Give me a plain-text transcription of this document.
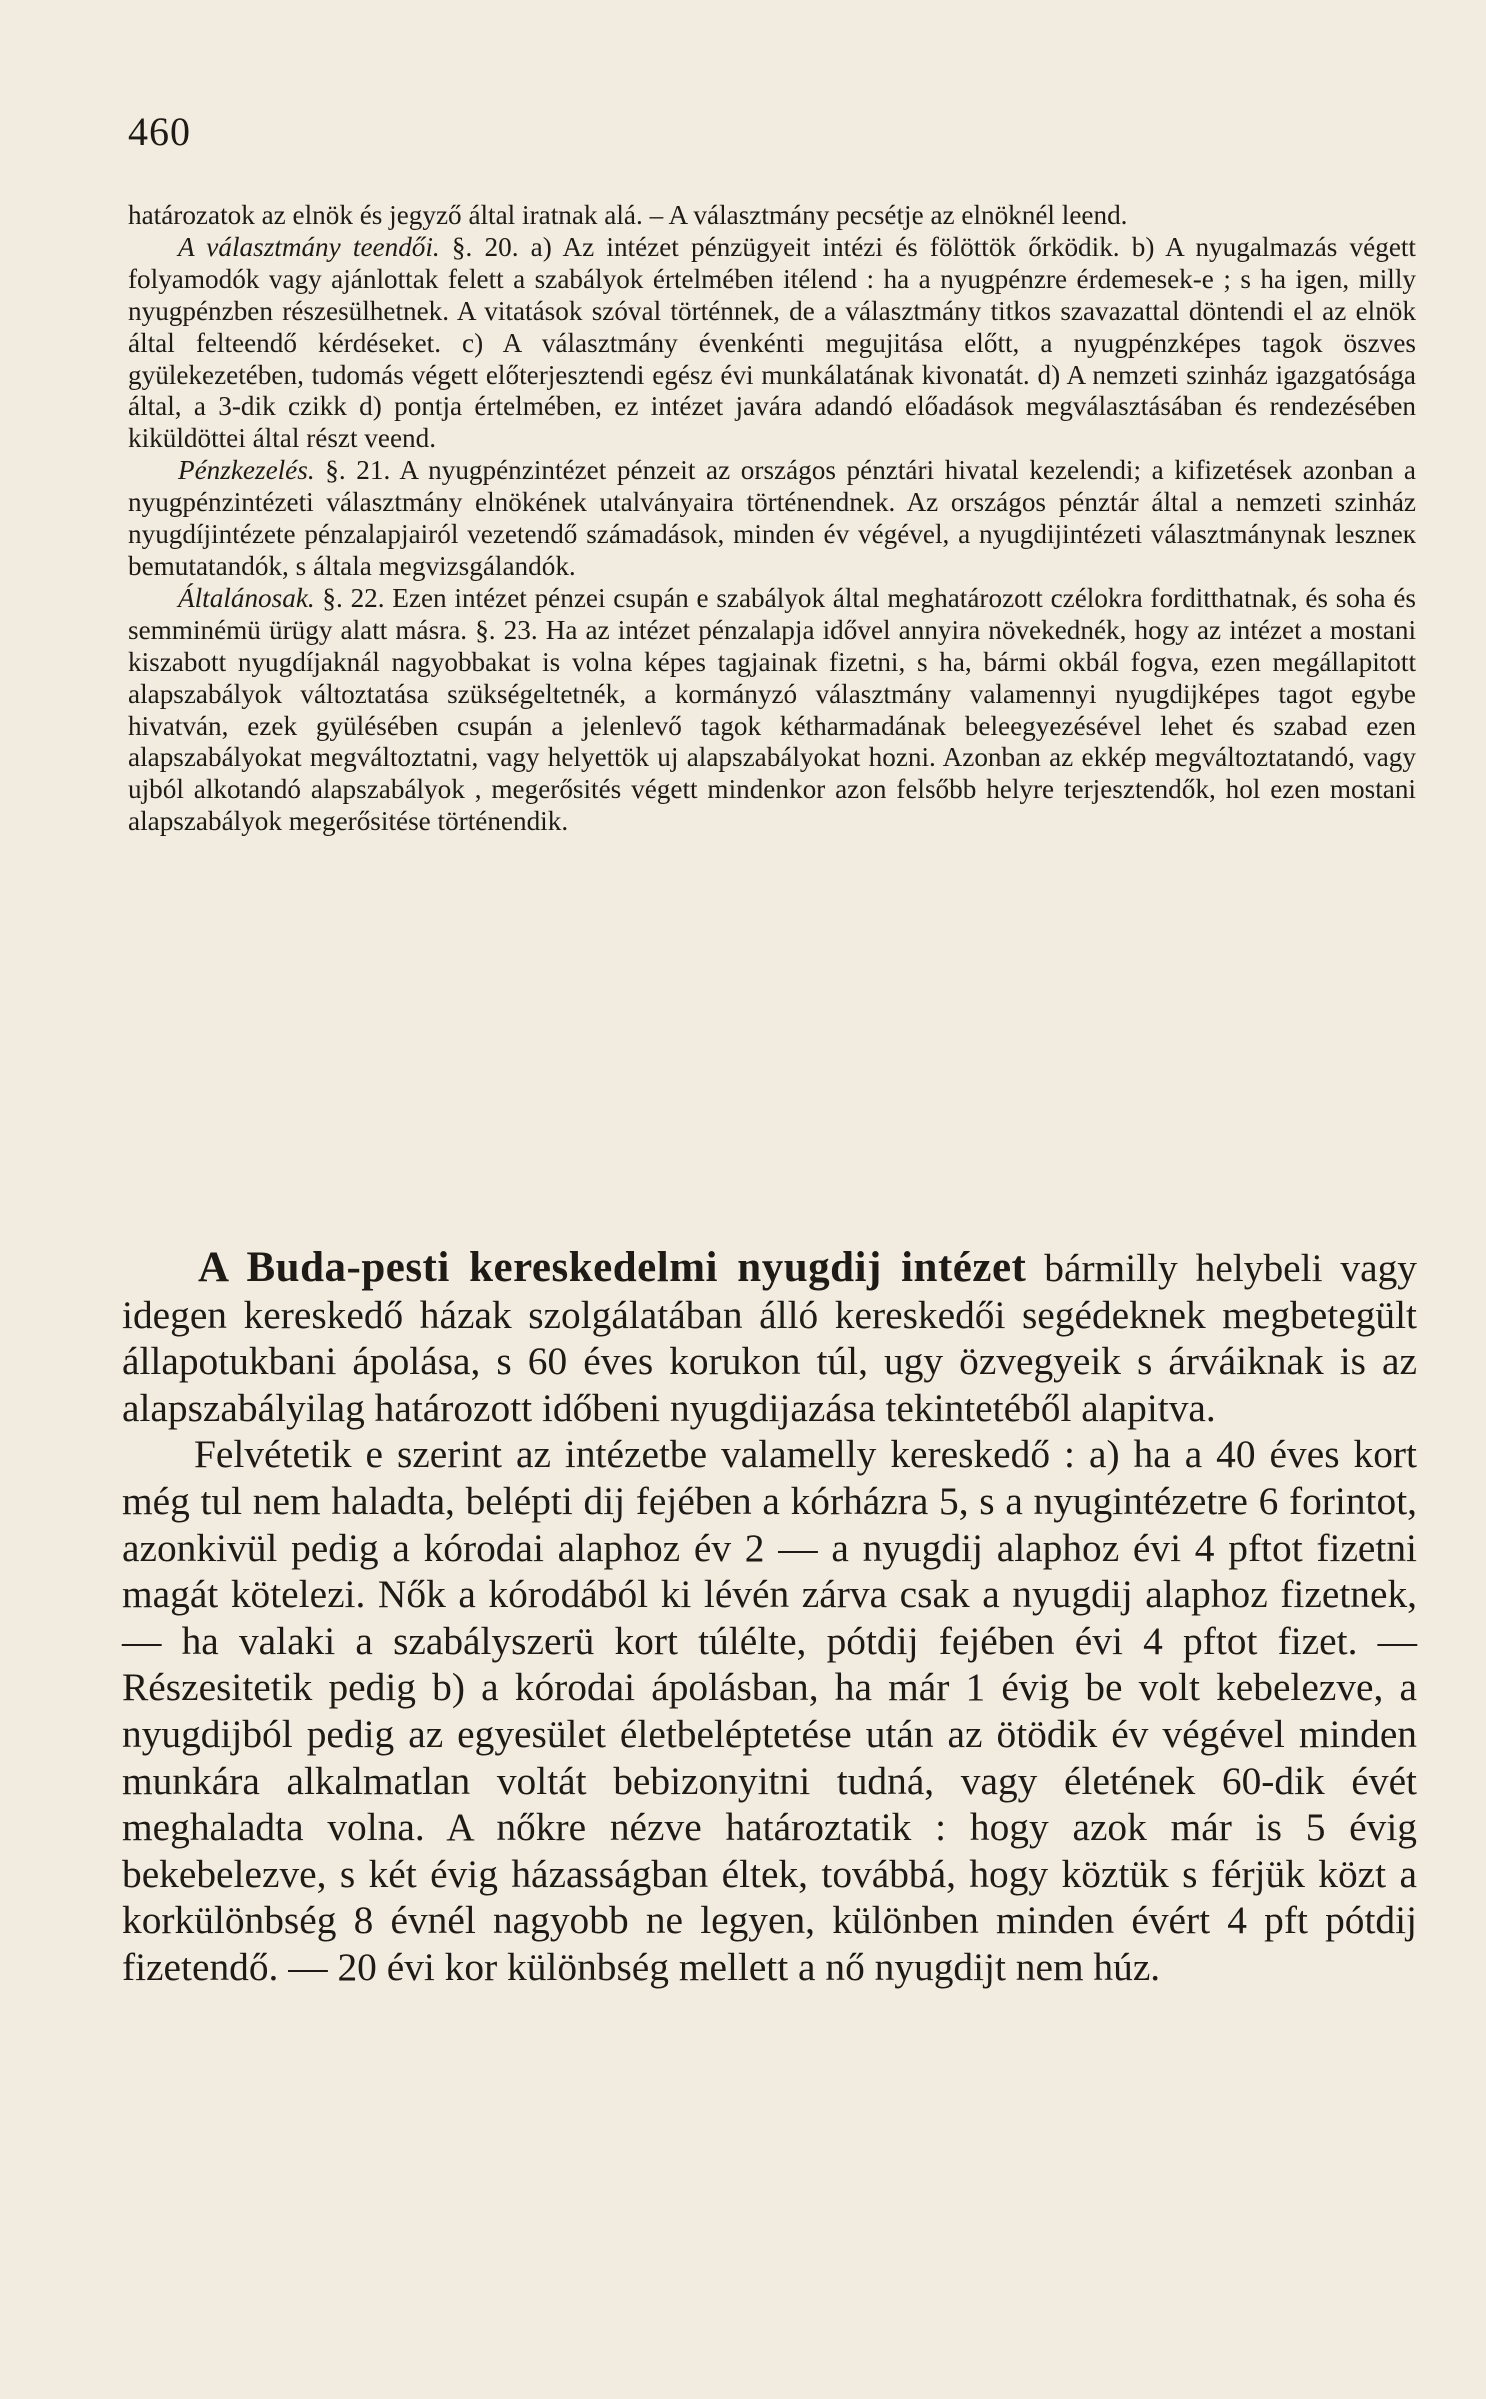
460

határozatok az elnök és jegyző által iratnak alá. – A választmány pecsétje az elnöknél leend.

A választmány teendői. §. 20. a) Az intézet pénzügyeit intézi és fölöttök őrködik. b) A nyugalmazás végett folyamodók vagy ajánlottak felett a szabályok értelmében itélend : ha a nyugpénzre érdemesek-e ; s ha igen, milly nyugpénzben részesülhetnek. A vitatások szóval történnek, de a választmány titkos szavazattal döntendi el az elnök által felteendő kérdéseket. c) A választmány évenkénti megujitása előtt, a nyugpénzképes tagok öszves gyülekezetében, tudomás végett előterjesztendi egész évi munkálatának kivonatát. d) A nemzeti szinház igazgatósága által, a 3-dik czikk d) pontja értelmében, ez intézet javára adandó előadások megválasztásában és rendezésében kiküldöttei által részt veend.

Pénzkezelés. §. 21. A nyugpénzintézet pénzeit az országos pénztári hivatal kezelendi; a kifizetések azonban a nyugpénzintézeti választmány elnökének utalványaira történendnek. Az országos pénztár által a nemzeti szinház nyugdíjintézete pénzalapjairól vezetendő számadások, minden év végével, a nyugdijintézeti választmánynak leszneк bemutatandók, s általa megvizsgálandók.

Általánosak. §. 22. Ezen intézet pénzei csupán e szabályok által meghatározott czélokra forditthatnak, és soha és semminémü ürügy alatt másra. §. 23. Ha az intézet pénzalapja idővel annyira növekednék, hogy az intézet a mostani kiszabott nyugdíjaknál nagyobbakat is volna képes tagjainak fizetni, s ha, bármi okbál fogva, ezen megállapitott alapszabályok változtatása szükségeltetnék, a kormányzó választmány valamennyi nyugdijképes tagot egybe hivatván, ezek gyülésében csupán a jelenlevő tagok kétharmadának beleegyezésével lehet és szabad ezen alapszabályokat megváltoztatni, vagy helyettök uj alapszabályokat hozni. Azonban az ekkép megváltoztatandó, vagy ujból alkotandó alapszabályok , megerősités végett mindenkor azon felsőbb helyre terjesztendők, hol ezen mostani alapszabályok megerősitése történendik.

A Buda-pesti kereskedelmi nyugdij intézet bármilly helybeli vagy idegen kereskedő házak szolgálatában álló kereskedői segédeknek megbetegült állapotukbani ápolása, s 60 éves korukon túl, ugy özvegyeik s árváiknak is az alapszabályilag határozott időbeni nyugdijazása tekintetéből alapitva.

Felvétetik e szerint az intézetbe valamelly kereskedő : a) ha a 40 éves kort még tul nem haladta, belépti dij fejében a kórházra 5, s a nyugintézetre 6 forintot, azonkivül pedig a kórodai alaphoz év 2 — a nyugdij alaphoz évi 4 pftot fizetni magát kötelezi. Nők a kórodából ki lévén zárva csak a nyugdij alaphoz fizetnek, — ha valaki a szabályszerü kort túlélte, pótdij fejében évi 4 pftot fizet. — Részesitetik pedig b) a kórodai ápolásban, ha már 1 évig be volt kebelezve, a nyugdijból pedig az egyesület életbeléptetése után az ötödik év végével minden munkára alkalmatlan voltát bebizonyitni tudná, vagy életének 60-dik évét meghaladta volna. A nőkre nézve határoztatik : hogy azok már is 5 évig bekebelezve, s két évig házasságban éltek, továbbá, hogy köztük s férjük közt a korkülönbség 8 évnél nagyobb ne legyen, különben minden évért 4 pft pótdij fizetendő. — 20 évi kor különbség mellett a nő nyugdijt nem húz.
